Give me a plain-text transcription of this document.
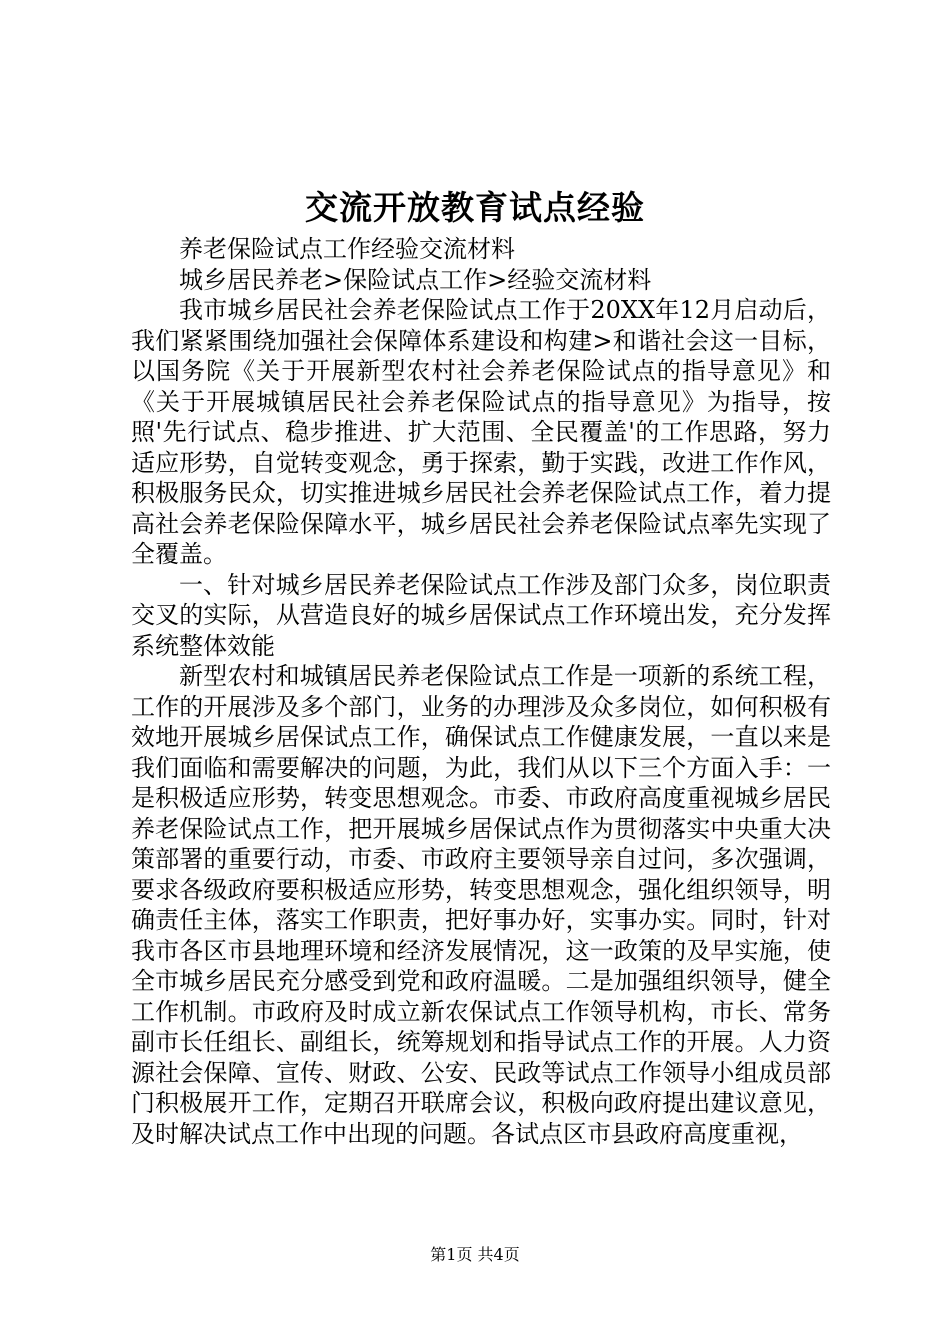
交流开放教育试点经验

养老保险试点工作经验交流材料

城乡居民养老>保险试点工作>经验交流材料

我市城乡居民社会养老保险试点工作于20XX年12月启动后，我们紧紧围绕加强社会保障体系建设和构建>和谐社会这一目标，以国务院《关于开展新型农村社会养老保险试点的指导意见》和《关于开展城镇居民社会养老保险试点的指导意见》为指导，按照'先行试点、稳步推进、扩大范围、全民覆盖'的工作思路，努力适应形势，自觉转变观念，勇于探索，勤于实践，改进工作作风，积极服务民众，切实推进城乡居民社会养老保险试点工作，着力提高社会养老保险保障水平，城乡居民社会养老保险试点率先实现了全覆盖。

一、针对城乡居民养老保险试点工作涉及部门众多，岗位职责交叉的实际，从营造良好的城乡居保试点工作环境出发，充分发挥系统整体效能

新型农村和城镇居民养老保险试点工作是一项新的系统工程，工作的开展涉及多个部门，业务的办理涉及众多岗位，如何积极有效地开展城乡居保试点工作，确保试点工作健康发展，一直以来是我们面临和需要解决的问题，为此，我们从以下三个方面入手：一是积极适应形势，转变思想观念。市委、市政府高度重视城乡居民养老保险试点工作，把开展城乡居保试点作为贯彻落实中央重大决策部署的重要行动，市委、市政府主要领导亲自过问，多次强调，要求各级政府要积极适应形势，转变思想观念，强化组织领导，明确责任主体，落实工作职责，把好事办好，实事办实。同时，针对我市各区市县地理环境和经济发展情况，这一政策的及早实施，使全市城乡居民充分感受到党和政府温暖。二是加强组织领导，健全工作机制。市政府及时成立新农保试点工作领导机构，市长、常务副市长任组长、副组长，统筹规划和指导试点工作的开展。人力资源社会保障、宣传、财政、公安、民政等试点工作领导小组成员部门积极展开工作，定期召开联席会议，积极向政府提出建议意见，及时解决试点工作中出现的问题。各试点区市县政府高度重视，

第1页 共4页
